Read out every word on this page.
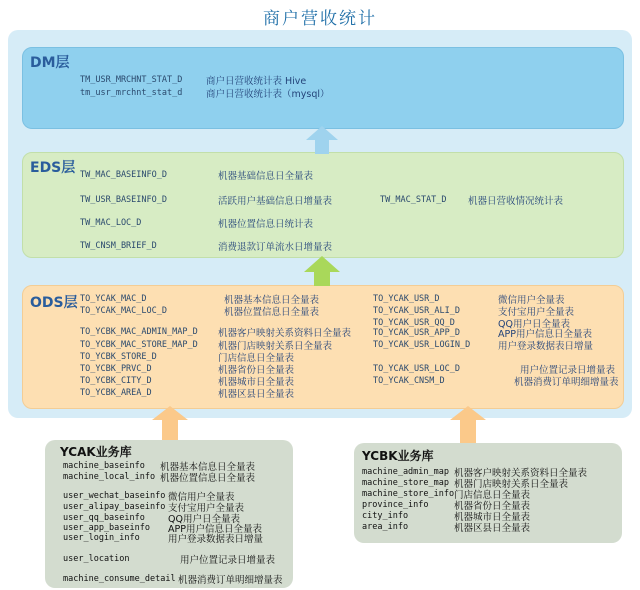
商户营收统计
DM层
TM_USR_MRCHNT_STAT_D 商户日营收统计表 Hive
tm_usr_mrchnt_stat_d 商户日营收统计表（mysql）
EDS层 TW_MAC_BASEINFO_D	机器基础信息日全量表
TW_USR_BASEINFO_D	活跃用户基础信息日增量表
TW_MAC_LOC_D	机器位置信息日统计表
TW_CNSM_BRIEF_D	消费退款订单流水日增量表
TW_MAC_STAT_D 机器日营收情况统计表
ODS层 TO_YCAK_MAC_D	机器基本信息日全量表
TO_YCAK_MAC_LOC_D	机器位置信息日全量表
TO_YCBK_MAC_ADMIN_MAP_D 机器客户映射关系资料日全量表
TO_YCBK_MAC_STORE_MAP_D 机器门店映射关系日全量表
TO_YCBK_STORE_D	门店信息日全量表
TO_YCBK_PRVC_D	机器省份日全量表
TO_YCBK_CITY_D	机器城市日全量表
TO_YCBK_AREA_D	机器区县日全量表
TO_YCAK_USR_D	微信用户全量表
TO_YCAK_USR_ALI_D	支付宝用户全量表
TO_YCAK_USR_QQ_D	QQ用户日全量表
TO_YCAK_USR_APP_D	APP用户信息日全量表
TO_YCAK_USR_LOGIN_D	用户登录数据表日增量
TO_YCAK_USR_LOC_D	用户位置记录日增量表
TO_YCAK_CNSM_D	机器消费订单明细增量表
YCAK业务库
machine_baseinfo 机器基本信息日全量表
machine_local_info 机器位置信息日全量表
user_wechat_baseinfo 微信用户全量表
user_alipay_baseinfo 支付宝用户全量表
user_qq_baseinfo QQ用户日全量表
user_app_baseinfo APP用户信息日全量表
user_login_info	用户登录数据表日增量
user_location	用户位置记录日增量表
machine_consume_detail 机器消费订单明细增量表
YCBK业务库
machine_admin_map 机器客户映射关系资料日全量表
machine_store_map 机器门店映射关系日全量表
machine_store_info 门店信息日全量表
province_info	机器省份日全量表
city_info	机器城市日全量表
area_info	机器区县日全量表
